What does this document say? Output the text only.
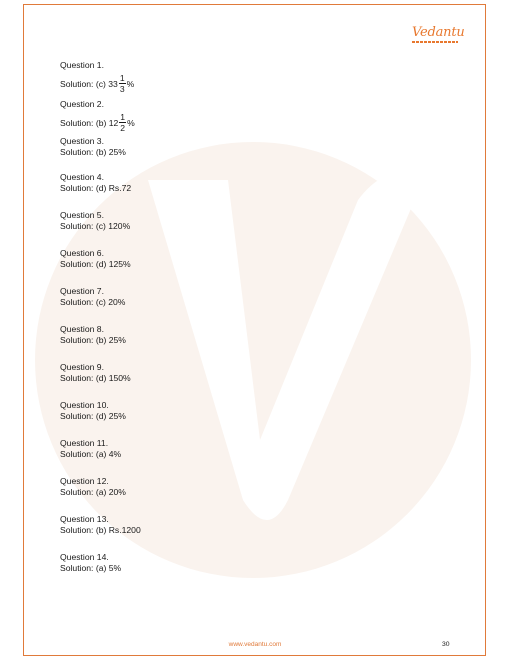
Vedantu

Question 1.

Solution: (c) $33 \frac{1}{3}$ %

Question 2.

Solution: (b) $12 \frac{1}{2}$ %

Question 3.

Solution: (b) 25%

Question 4.

Solution: (d) Rs.72

Question 5.

Solution: (c) 120%

Question 6.

Solution: (d) 125%

Question 7.

Solution: (c) 20%

Question 8.

Solution: (b) 25%

Question 9.

Solution: (d) 150%

Question 10.

Solution: (d) 25%

Question 11.

Solution: (a) 4%

Question 12.

Solution: (a) 20%

Question 13.

Solution: (b) Rs.1200

Question 14.

Solution: (a) 5%

www.vedantu.com	30
